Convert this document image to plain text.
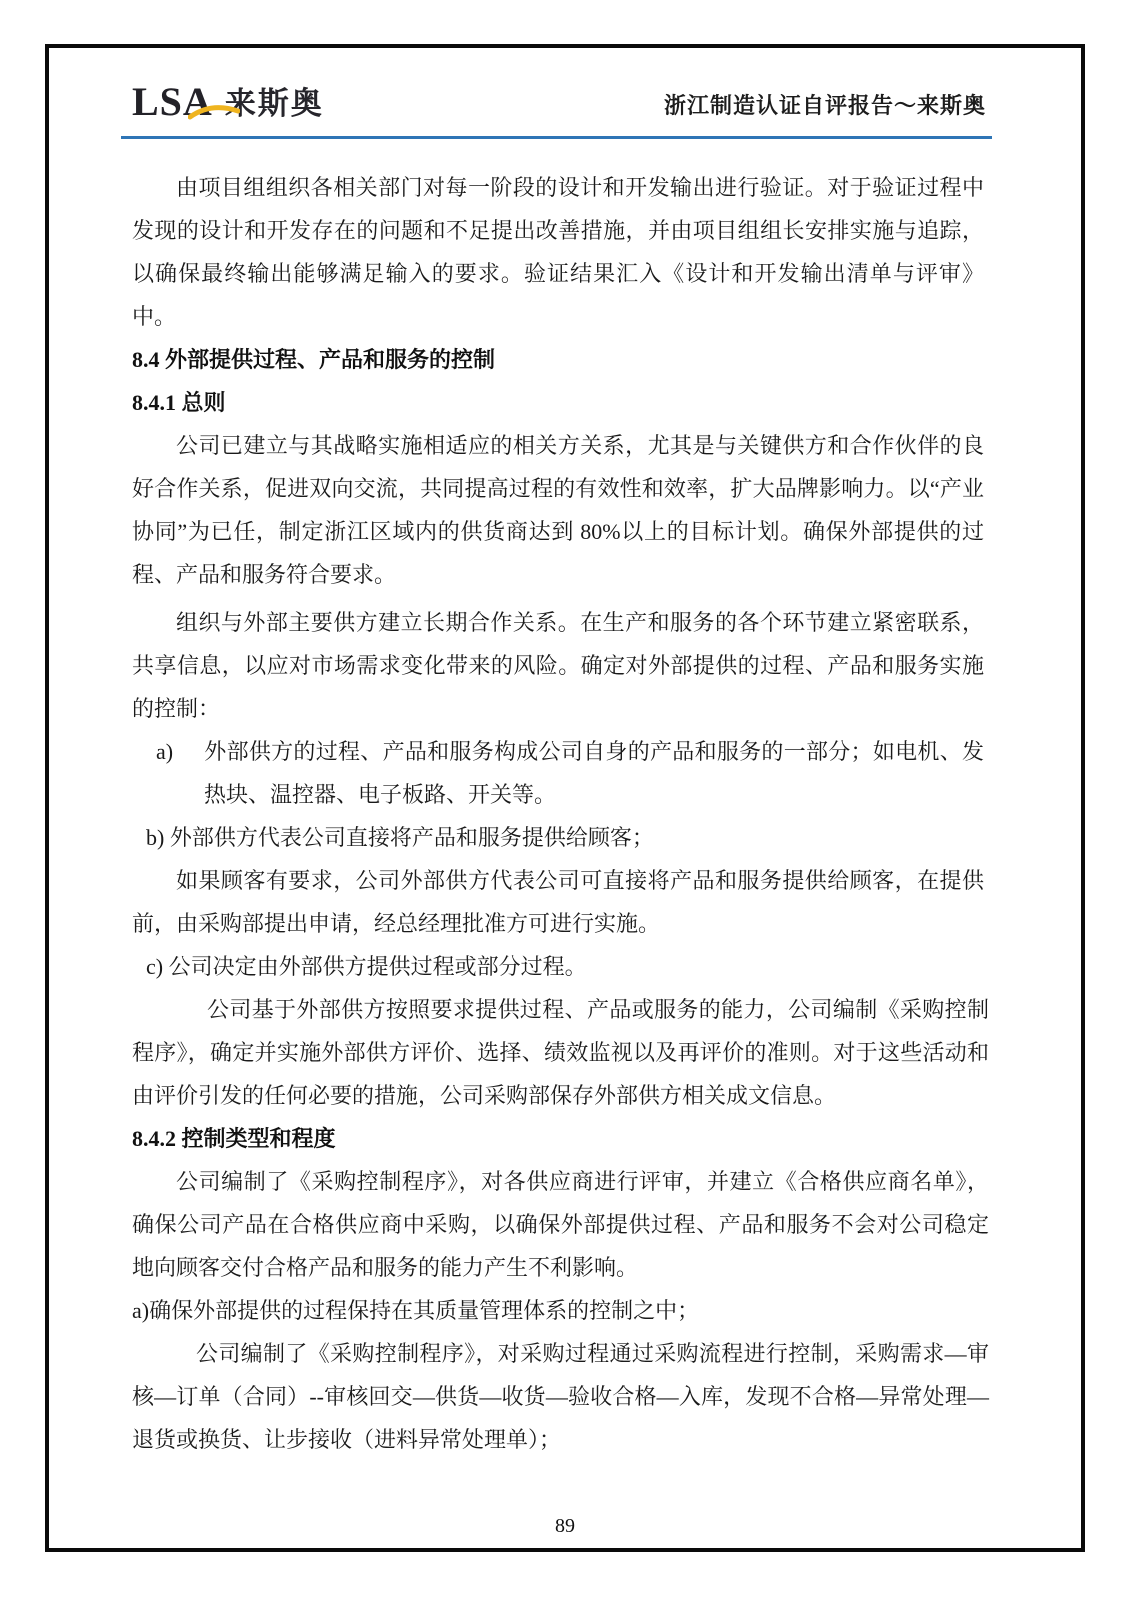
LSA 来斯奥	浙江制造认证自评报告～来斯奥

由项目组组织各相关部门对每一阶段的设计和开发输出进行验证。对于验证过程中发现的设计和开发存在的问题和不足提出改善措施，并由项目组组长安排实施与追踪，以确保最终输出能够满足输入的要求。验证结果汇入《设计和开发输出清单与评审》中。

8.4 外部提供过程、产品和服务的控制

8.4.1 总则

公司已建立与其战略实施相适应的相关方关系，尤其是与关键供方和合作伙伴的良好合作关系，促进双向交流，共同提高过程的有效性和效率，扩大品牌影响力。以“产业协同”为已任，制定浙江区域内的供货商达到 80%以上的目标计划。确保外部提供的过程、产品和服务符合要求。

组织与外部主要供方建立长期合作关系。在生产和服务的各个环节建立紧密联系，共享信息，以应对市场需求变化带来的风险。确定对外部提供的过程、产品和服务实施的控制：

a) 外部供方的过程、产品和服务构成公司自身的产品和服务的一部分；如电机、发热块、温控器、电子板路、开关等。

b) 外部供方代表公司直接将产品和服务提供给顾客；

如果顾客有要求，公司外部供方代表公司可直接将产品和服务提供给顾客，在提供前，由采购部提出申请，经总经理批准方可进行实施。

c) 公司决定由外部供方提供过程或部分过程。

公司基于外部供方按照要求提供过程、产品或服务的能力，公司编制《采购控制程序》，确定并实施外部供方评价、选择、绩效监视以及再评价的准则。对于这些活动和由评价引发的任何必要的措施，公司采购部保存外部供方相关成文信息。

8.4.2 控制类型和程度

公司编制了《采购控制程序》，对各供应商进行评审，并建立《合格供应商名单》，确保公司产品在合格供应商中采购，以确保外部提供过程、产品和服务不会对公司稳定地向顾客交付合格产品和服务的能力产生不利影响。

a)确保外部提供的过程保持在其质量管理体系的控制之中；

公司编制了《采购控制程序》，对采购过程通过采购流程进行控制，采购需求—审核—订单（合同）--审核回交—供货—收货—验收合格—入库，发现不合格—异常处理—退货或换货、让步接收（进料异常处理单）；

89
